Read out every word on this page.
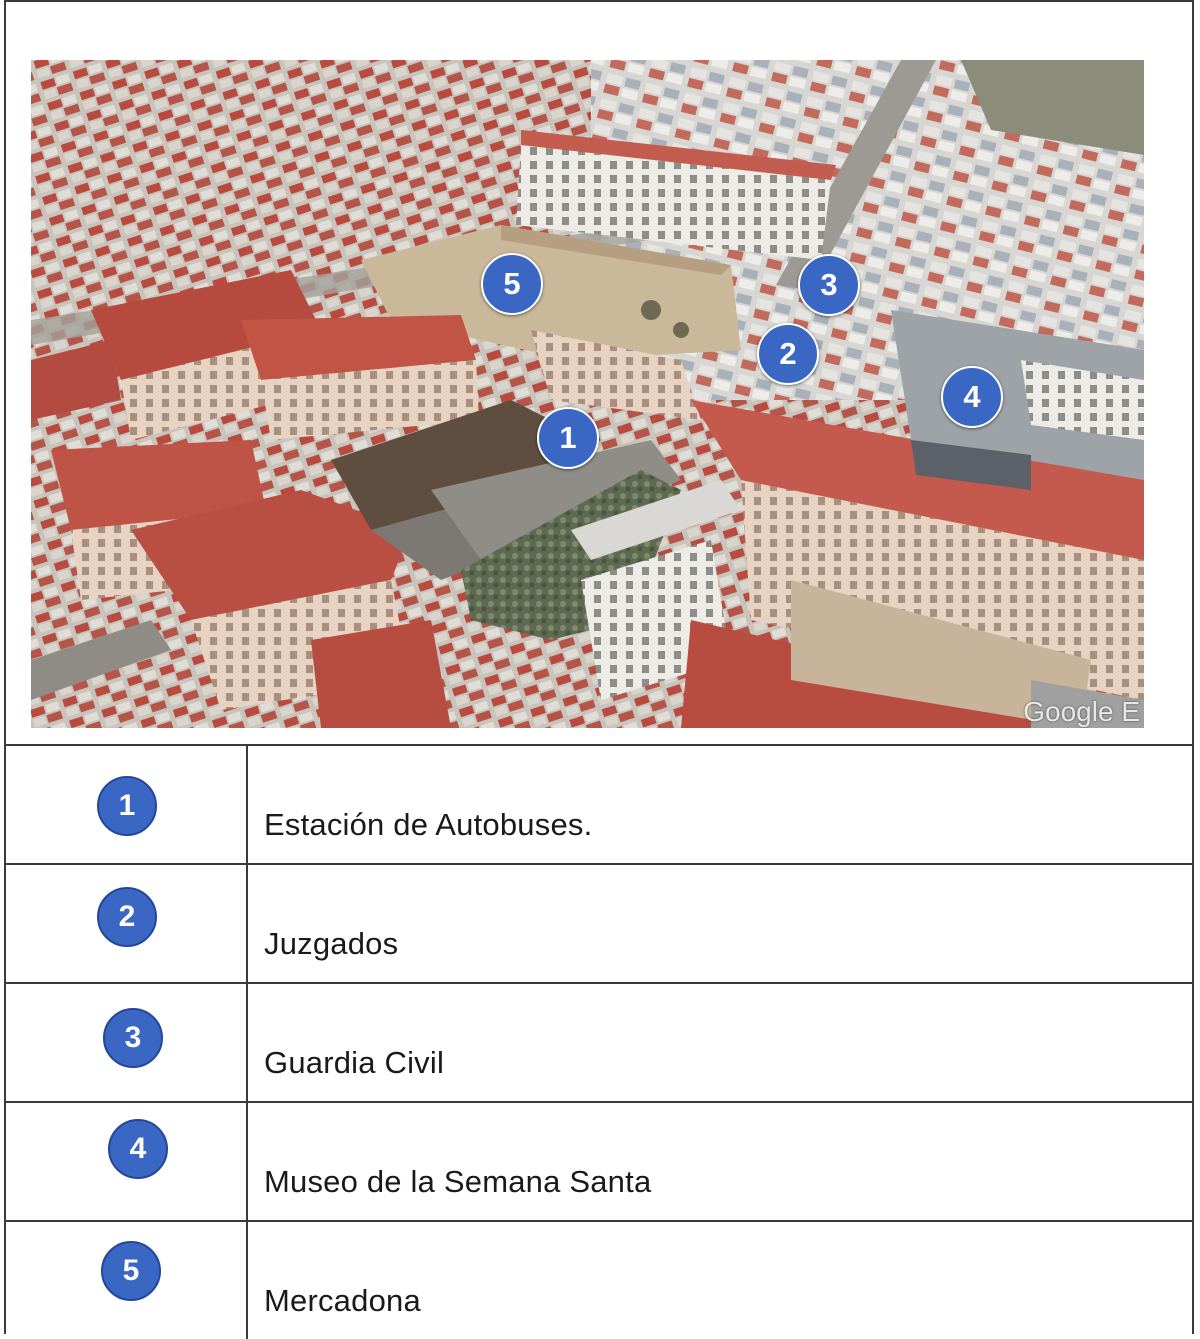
5	3
2
4
1
Google E
1
Estación de Autobuses.
2
Juzgados
3
Guardia Civil
4
Museo de la Semana Santa
5
Mercadona
